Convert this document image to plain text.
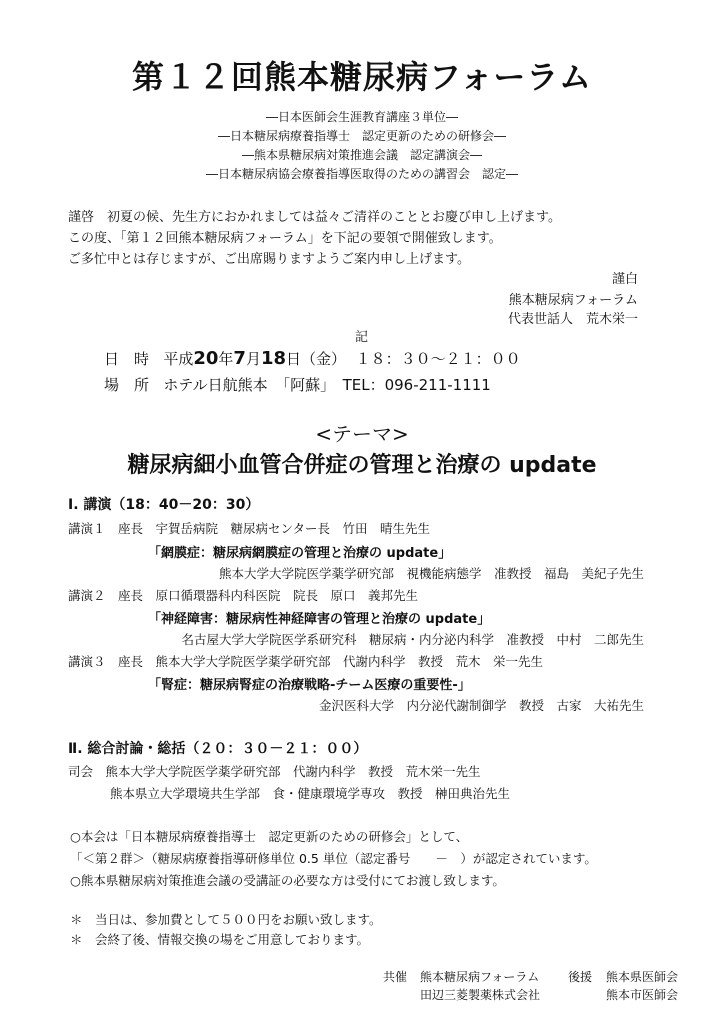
第１２回熊本糖尿病フォーラム
―日本医師会生涯教育講座３単位―
―日本糖尿病療養指導士　認定更新のための研修会―
―熊本県糖尿病対策推進会議　認定講演会―
―日本糖尿病協会療養指導医取得のための講習会　認定―
謹啓　初夏の候、先生方におかれましては益々ご清祥のこととお慶び申し上げます。
この度、「第１２回熊本糖尿病フォーラム」を下記の要領で開催致します。
ご多忙中とは存じますが、ご出席賜りますようご案内申し上げます。
謹白
熊本糖尿病フォーラム
代表世話人　荒木栄一
記
日　時 平成20年7月18日（金） １８：３０～２１：００
場　所 ホテル日航熊本　「阿蘇」　TEL：096-211-1111
<テーマ>
糖尿病細小血管合併症の管理と治療の update
Ⅰ. 講演（18：40－20：30）
講演１　座長　宇賀岳病院　糖尿病センター長　竹田　晴生先生
「網膜症：糖尿病網膜症の管理と治療の update」
熊本大学大学院医学薬学研究部　視機能病態学　准教授　福島　美紀子先生
講演２　座長　原口循環器科内科医院　院長　原口　義邦先生
「神経障害：糖尿病性神経障害の管理と治療の update」
名古屋大学大学院医学系研究科　糖尿病・内分泌内科学　准教授　中村　二郎先生
講演３　座長　熊本大学大学院医学薬学研究部　代謝内科学　教授　荒木　栄一先生
「腎症：糖尿病腎症の治療戦略-チーム医療の重要性-」
金沢医科大学　内分泌代謝制御学　教授　古家　大祐先生
Ⅱ. 総合討論・総括（２０：３０－２１：００）
司会　熊本大学大学院医学薬学研究部　代謝内科学　教授　荒木栄一先生
熊本県立大学環境共生学部　食・健康環境学専攻　教授　榊田典治先生
○本会は「日本糖尿病療養指導士　認定更新のための研修会」として、
「＜第２群＞（糖尿病療養指導研修単位 0.5 単位（認定番号　　－　）が認定されています。
○熊本県糖尿病対策推進会議の受講証の必要な方は受付にてお渡し致します。
＊　当日は、参加費として５００円をお願い致します。
＊　会終了後、情報交換の場をご用意しております。
共催 熊本糖尿病フォーラム
田辺三菱製薬株式会社
後援 熊本県医師会
熊本市医師会
